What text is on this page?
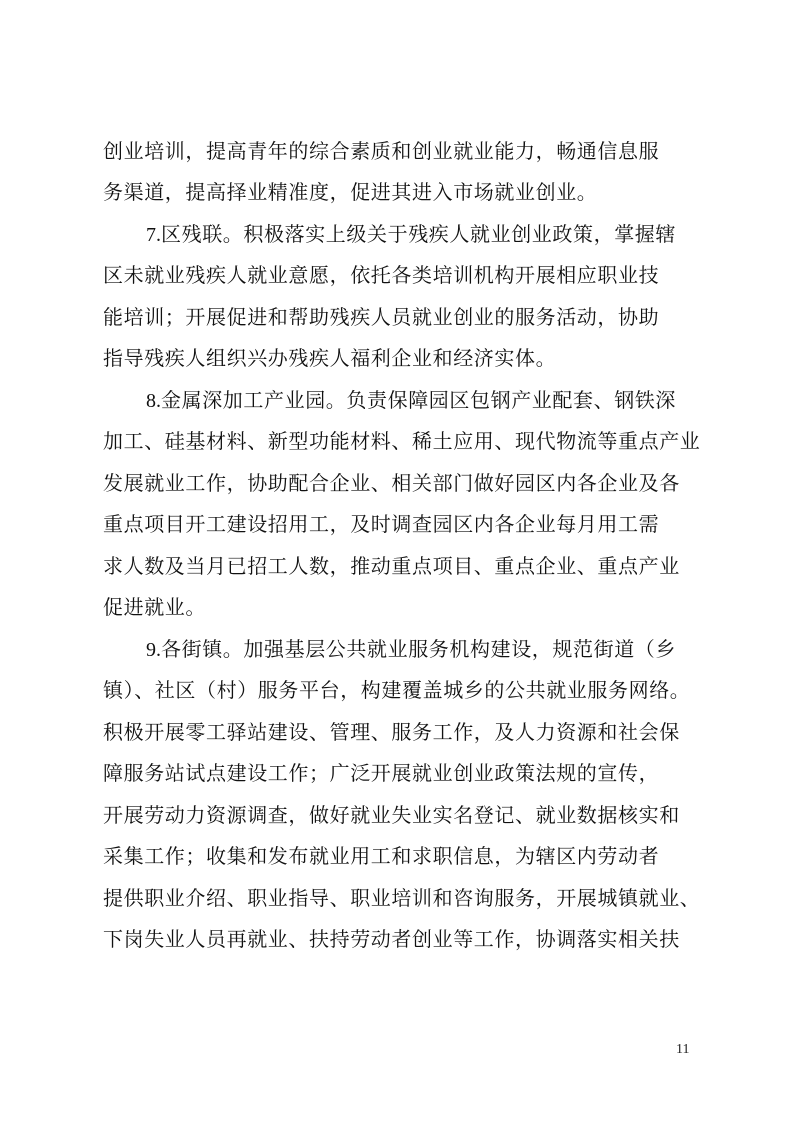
创业培训，提高青年的综合素质和创业就业能力，畅通信息服
务渠道，提高择业精准度，促进其进入市场就业创业。
7.区残联。积极落实上级关于残疾人就业创业政策，掌握辖
区未就业残疾人就业意愿，依托各类培训机构开展相应职业技
能培训；开展促进和帮助残疾人员就业创业的服务活动，协助
指导残疾人组织兴办残疾人福利企业和经济实体。
8.金属深加工产业园。负责保障园区包钢产业配套、钢铁深
加工、硅基材料、新型功能材料、稀土应用、现代物流等重点产业
发展就业工作，协助配合企业、相关部门做好园区内各企业及各
重点项目开工建设招用工，及时调查园区内各企业每月用工需
求人数及当月已招工人数，推动重点项目、重点企业、重点产业
促进就业。
9.各街镇。加强基层公共就业服务机构建设，规范街道（乡
镇）、社区（村）服务平台，构建覆盖城乡的公共就业服务网络。
积极开展零工驿站建设、管理、服务工作，及人力资源和社会保
障服务站试点建设工作；广泛开展就业创业政策法规的宣传，
开展劳动力资源调查，做好就业失业实名登记、就业数据核实和
采集工作；收集和发布就业用工和求职信息，为辖区内劳动者
提供职业介绍、职业指导、职业培训和咨询服务，开展城镇就业、
下岗失业人员再就业、扶持劳动者创业等工作，协调落实相关扶
11
